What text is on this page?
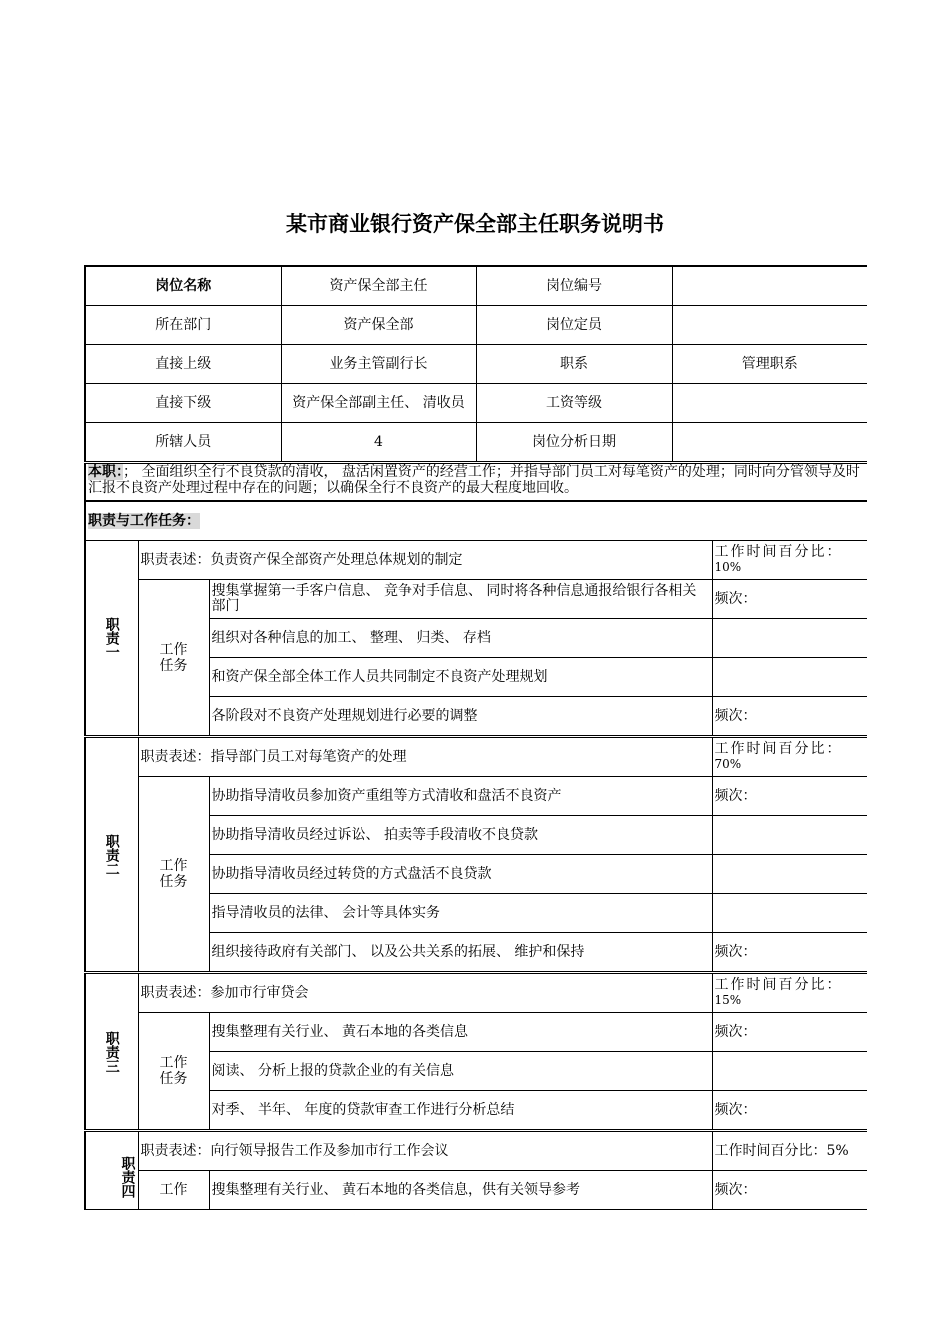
某市商业银行资产保全部主任职务说明书
岗位名称	资产保全部主任	岗位编号	
所在部门	资产保全部	岗位定员	
直接上级	业务主管副行长	职系	管理职系
直接下级	资产保全部副主任、 清收员	工资等级	
所辖人员	4	岗位分析日期	
本职：； 全面组织全行不良贷款的清收， 盘活闲置资产的经营工作；并指导部门员工对每笔资产的处理；同时向分管领导及时汇报不良资产处理过程中存在的问题；以确保全行不良资产的最大程度地回收。
职责与工作任务：
职责一	职责表述：负责资产保全部资产处理总体规划的制定		工作时间百分比：
10%

	工作任务	搜集掌握第一手客户信息、 竞争对手信息、 同时将各种信息通报给银行各相关部门	频次：
		组织对各种信息的加工、 整理、 归类、 存档	
		和资产保全部全体工作人员共同制定不良资产处理规划	
		各阶段对不良资产处理规划进行必要的调整	频次：
职责二	职责表述：指导部门员工对每笔资产的处理		工作时间百分比：
70%

	工作任务	协助指导清收员参加资产重组等方式清收和盘活不良资产	频次：
		协助指导清收员经过诉讼、 拍卖等手段清收不良贷款	
		协助指导清收员经过转贷的方式盘活不良贷款	
		指导清收员的法律、 会计等具体实务	
		组织接待政府有关部门、 以及公共关系的拓展、 维护和保持	频次：
职责三	职责表述：参加市行审贷会		工作时间百分比：
15%

	工作任务	搜集整理有关行业、 黄石本地的各类信息	频次：
		阅读、 分析上报的贷款企业的有关信息	
		对季、 半年、 年度的贷款审查工作进行分析总结	频次：
职责四	职责表述：向行领导报告工作及参加市行工作会议		工作时间百分比：5%
	工作	搜集整理有关行业、 黄石本地的各类信息，供有关领导参考	频次：
